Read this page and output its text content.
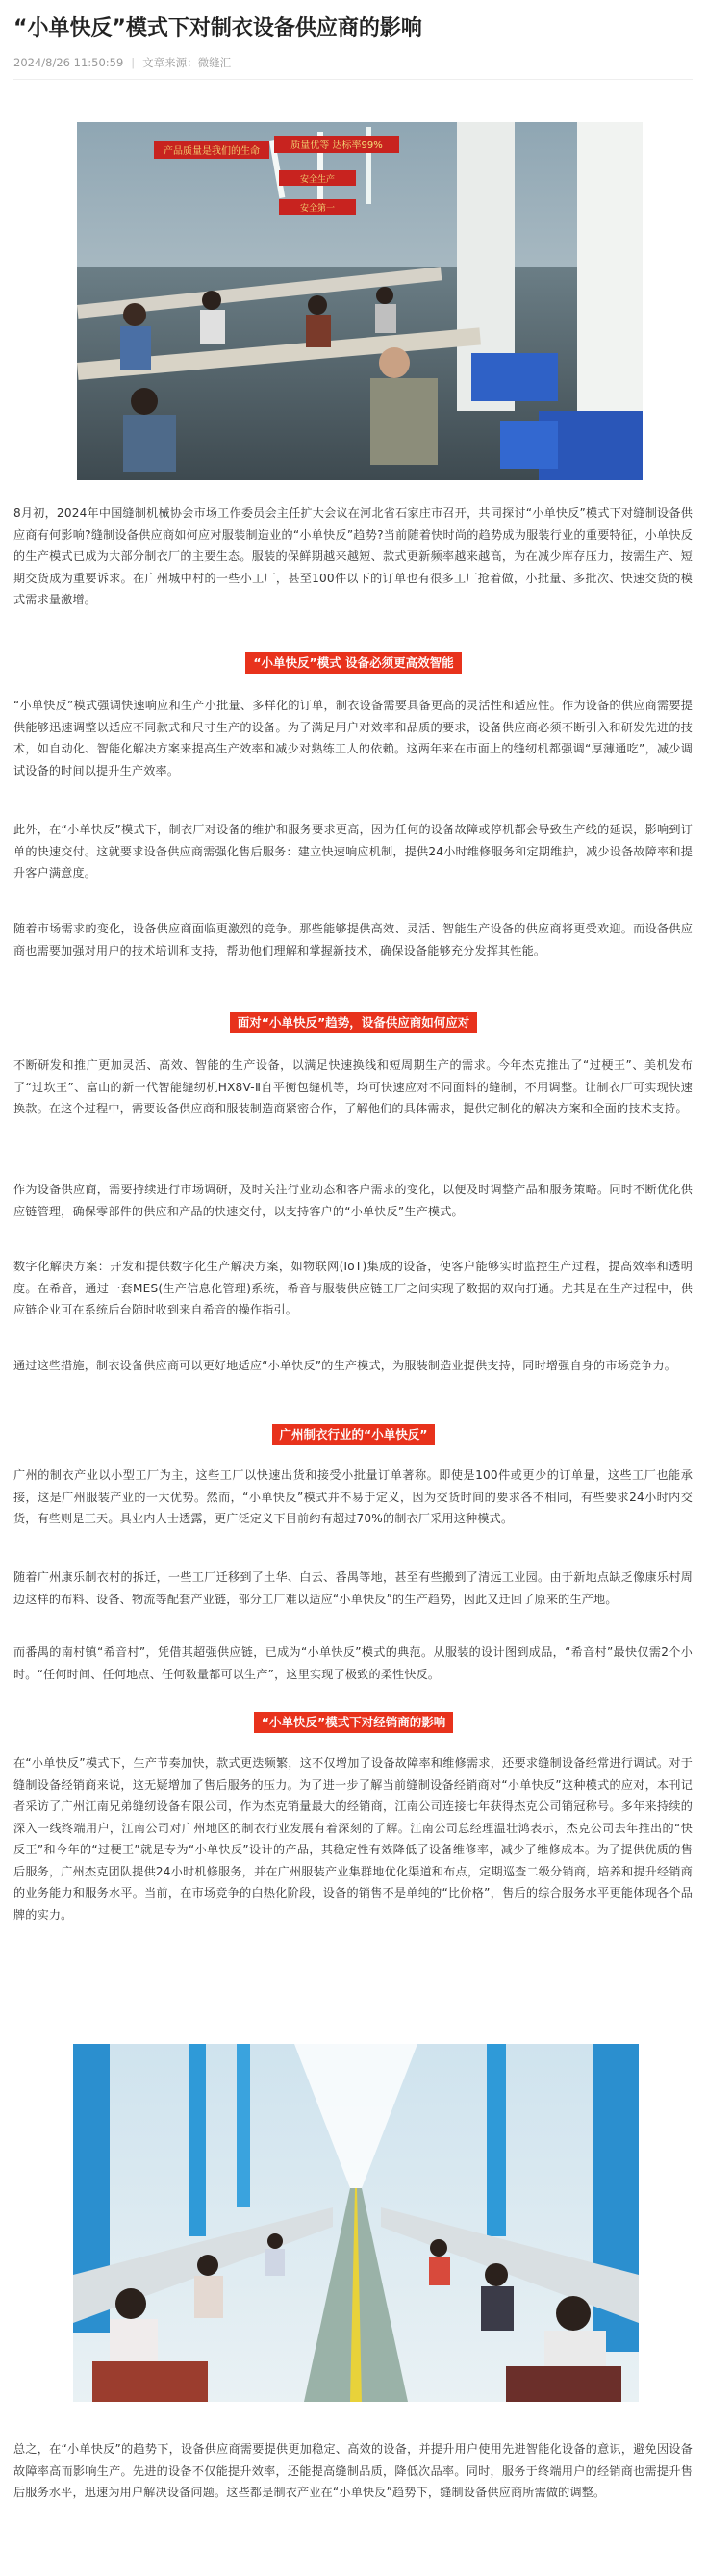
“小单快反”模式下对制衣设备供应商的影响
2024/8/26 11:50:59 | 文章来源：微缝汇
产品质量是我们的生命
质量优等 达标率99%
安全生产
安全第一

8月初，2024年中国缝制机械协会市场工作委员会主任扩大会议在河北省石家庄市召开，共同探讨“小单快反”模式下对缝制设备供应商有何影响?缝制设备供应商如何应对服装制造业的“小单快反”趋势?当前随着快时尚的趋势成为服装行业的重要特征，小单快反的生产模式已成为大部分制衣厂的主要生态。服装的保鲜期越来越短、款式更新频率越来越高，为在减少库存压力，按需生产、短期交货成为重要诉求。在广州城中村的一些小工厂，甚至100件以下的订单也有很多工厂抢着做，小批量、多批次、快速交货的模式需求量激增。

“小单快反”模式 设备必须更高效智能

“小单快反”模式强调快速响应和生产小批量、多样化的订单，制衣设备需要具备更高的灵活性和适应性。作为设备的供应商需要提供能够迅速调整以适应不同款式和尺寸生产的设备。为了满足用户对效率和品质的要求，设备供应商必须不断引入和研发先进的技术，如自动化、智能化解决方案来提高生产效率和减少对熟练工人的依赖。这两年来在市面上的缝纫机都强调“厚薄通吃”，减少调试设备的时间以提升生产效率。

此外，在“小单快反”模式下，制衣厂对设备的维护和服务要求更高，因为任何的设备故障或停机都会导致生产线的延误，影响到订单的快速交付。这就要求设备供应商需强化售后服务：建立快速响应机制，提供24小时维修服务和定期维护，减少设备故障率和提升客户满意度。

随着市场需求的变化，设备供应商面临更激烈的竞争。那些能够提供高效、灵活、智能生产设备的供应商将更受欢迎。而设备供应商也需要加强对用户的技术培训和支持，帮助他们理解和掌握新技术，确保设备能够充分发挥其性能。

面对“小单快反”趋势，设备供应商如何应对

不断研发和推广更加灵活、高效、智能的生产设备，以满足快速换线和短周期生产的需求。今年杰克推出了“过梗王”、美机发布了“过坎王”、富山的新一代智能缝纫机HX8V-Ⅱ自平衡包缝机等，均可快速应对不同面料的缝制，不用调整。让制衣厂可实现快速换款。在这个过程中，需要设备供应商和服装制造商紧密合作，了解他们的具体需求，提供定制化的解决方案和全面的技术支持。

作为设备供应商，需要持续进行市场调研，及时关注行业动态和客户需求的变化，以便及时调整产品和服务策略。同时不断优化供应链管理，确保零部件的供应和产品的快速交付，以支持客户的“小单快反”生产模式。

数字化解决方案：开发和提供数字化生产解决方案，如物联网(IoT)集成的设备，使客户能够实时监控生产过程，提高效率和透明度。在希音，通过一套MES(生产信息化管理)系统，希音与服装供应链工厂之间实现了数据的双向打通。尤其是在生产过程中，供应链企业可在系统后台随时收到来自希音的操作指引。

通过这些措施，制衣设备供应商可以更好地适应“小单快反”的生产模式，为服装制造业提供支持，同时增强自身的市场竞争力。

广州制衣行业的“小单快反”

广州的制衣产业以小型工厂为主，这些工厂以快速出货和接受小批量订单著称。即使是100件或更少的订单量，这些工厂也能承接，这是广州服装产业的一大优势。然而，“小单快反”模式并不易于定义，因为交货时间的要求各不相同，有些要求24小时内交货，有些则是三天。具业内人士透露，更广泛定义下目前约有超过70%的制衣厂采用这种模式。

随着广州康乐制衣村的拆迁，一些工厂迁移到了土华、白云、番禺等地，甚至有些搬到了清远工业园。由于新地点缺乏像康乐村周边这样的布料、设备、物流等配套产业链，部分工厂难以适应“小单快反”的生产趋势，因此又迁回了原来的生产地。

而番禺的南村镇“希音村”，凭借其超强供应链，已成为“小单快反”模式的典范。从服装的设计图到成品，“希音村”最快仅需2个小时。“任何时间、任何地点、任何数量都可以生产”，这里实现了极致的柔性快反。

“小单快反”模式下对经销商的影响

在“小单快反”模式下，生产节奏加快，款式更迭频繁，这不仅增加了设备故障率和维修需求，还要求缝制设备经常进行调试。对于缝制设备经销商来说，这无疑增加了售后服务的压力。为了进一步了解当前缝制设备经销商对“小单快反”这种模式的应对，本刊记者采访了广州江南兄弟缝纫设备有限公司，作为杰克销量最大的经销商，江南公司连接七年获得杰克公司销冠称号。多年来持续的深入一线终端用户，江南公司对广州地区的制衣行业发展有着深刻的了解。江南公司总经理温壮鸿表示，杰克公司去年推出的“快反王”和今年的“过梗王”就是专为“小单快反”设计的产品，其稳定性有效降低了设备维修率，减少了维修成本。为了提供优质的售后服务，广州杰克团队提供24小时机修服务，并在广州服装产业集群地优化渠道和布点，定期巡查二级分销商，培养和提升经销商的业务能力和服务水平。当前，在市场竞争的白热化阶段，设备的销售不是单纯的“比价格”，售后的综合服务水平更能体现各个品牌的实力。

总之，在“小单快反”的趋势下，设备供应商需要提供更加稳定、高效的设备，并提升用户使用先进智能化设备的意识，避免因设备故障率高而影响生产。先进的设备不仅能提升效率，还能提高缝制品质，降低次品率。同时，服务于终端用户的经销商也需提升售后服务水平，迅速为用户解决设备问题。这些都是制衣产业在“小单快反”趋势下，缝制设备供应商所需做的调整。
